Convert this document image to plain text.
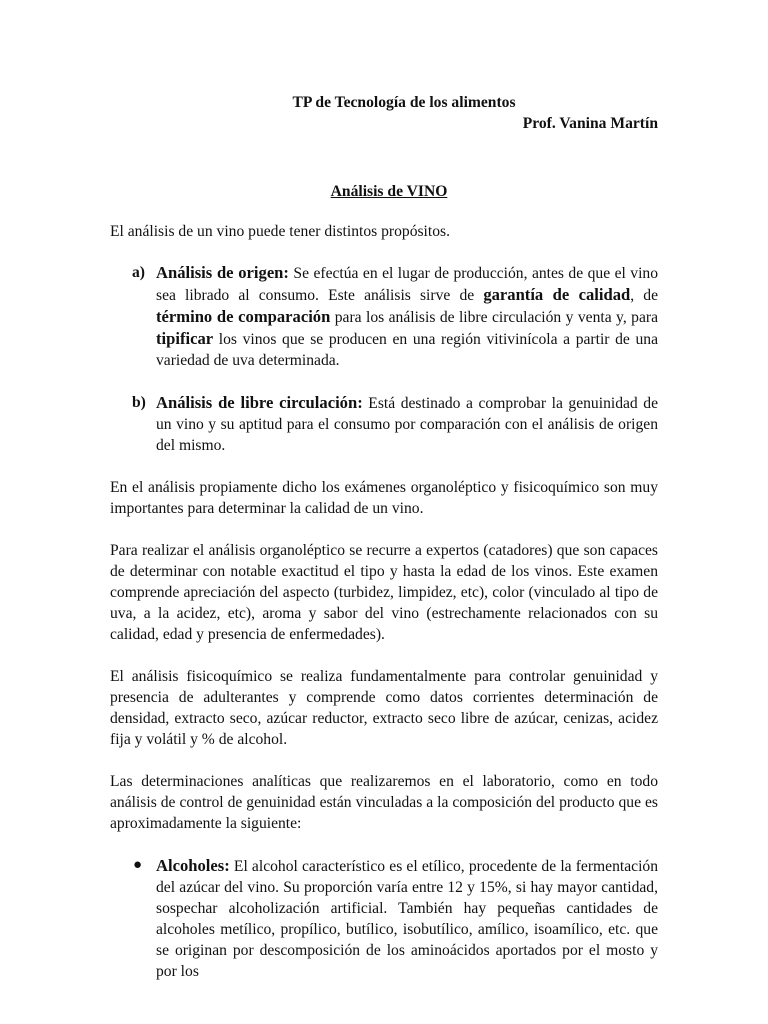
TP de Tecnología de los alimentos

Prof. Vanina Martín

Análisis de VINO

El análisis de un vino puede tener distintos propósitos.

a) Análisis de origen: Se efectúa en el lugar de producción, antes de que el vino sea librado al consumo. Este análisis sirve de garantía de calidad, de término de comparación para los análisis de libre circulación y venta y, para tipificar los vinos que se producen en una región vitivinícola a partir de una variedad de uva determinada.
b) Análisis de libre circulación: Está destinado a comprobar la genuinidad de un vino y su aptitud para el consumo por comparación con el análisis de origen del mismo.

En el análisis propiamente dicho los exámenes organoléptico y fisicoquímico son muy importantes para determinar la calidad de un vino.

Para realizar el análisis organoléptico se recurre a expertos (catadores) que son capaces de determinar con notable exactitud el tipo y hasta la edad de los vinos. Este examen comprende apreciación del aspecto (turbidez, limpidez, etc), color (vinculado al tipo de uva, a la acidez, etc), aroma y sabor del vino (estrechamente relacionados con su calidad, edad y presencia de enfermedades).

El análisis fisicoquímico se realiza fundamentalmente para controlar genuinidad y presencia de adulterantes y comprende como datos corrientes determinación de densidad, extracto seco, azúcar reductor, extracto seco libre de azúcar, cenizas, acidez fija y volátil y % de alcohol.

Las determinaciones analíticas que realizaremos en el laboratorio, como en todo análisis de control de genuinidad están vinculadas a la composición del producto que es aproximadamente la siguiente:

● Alcoholes: El alcohol característico es el etílico, procedente de la fermentación del azúcar del vino. Su proporción varía entre 12 y 15%, si hay mayor cantidad, sospechar alcoholización artificial. También hay pequeñas cantidades de alcoholes metílico, propílico, butílico, isobutílico, amílico, isoamílico, etc. que se originan por descomposición de los aminoácidos aportados por el mosto y por los
